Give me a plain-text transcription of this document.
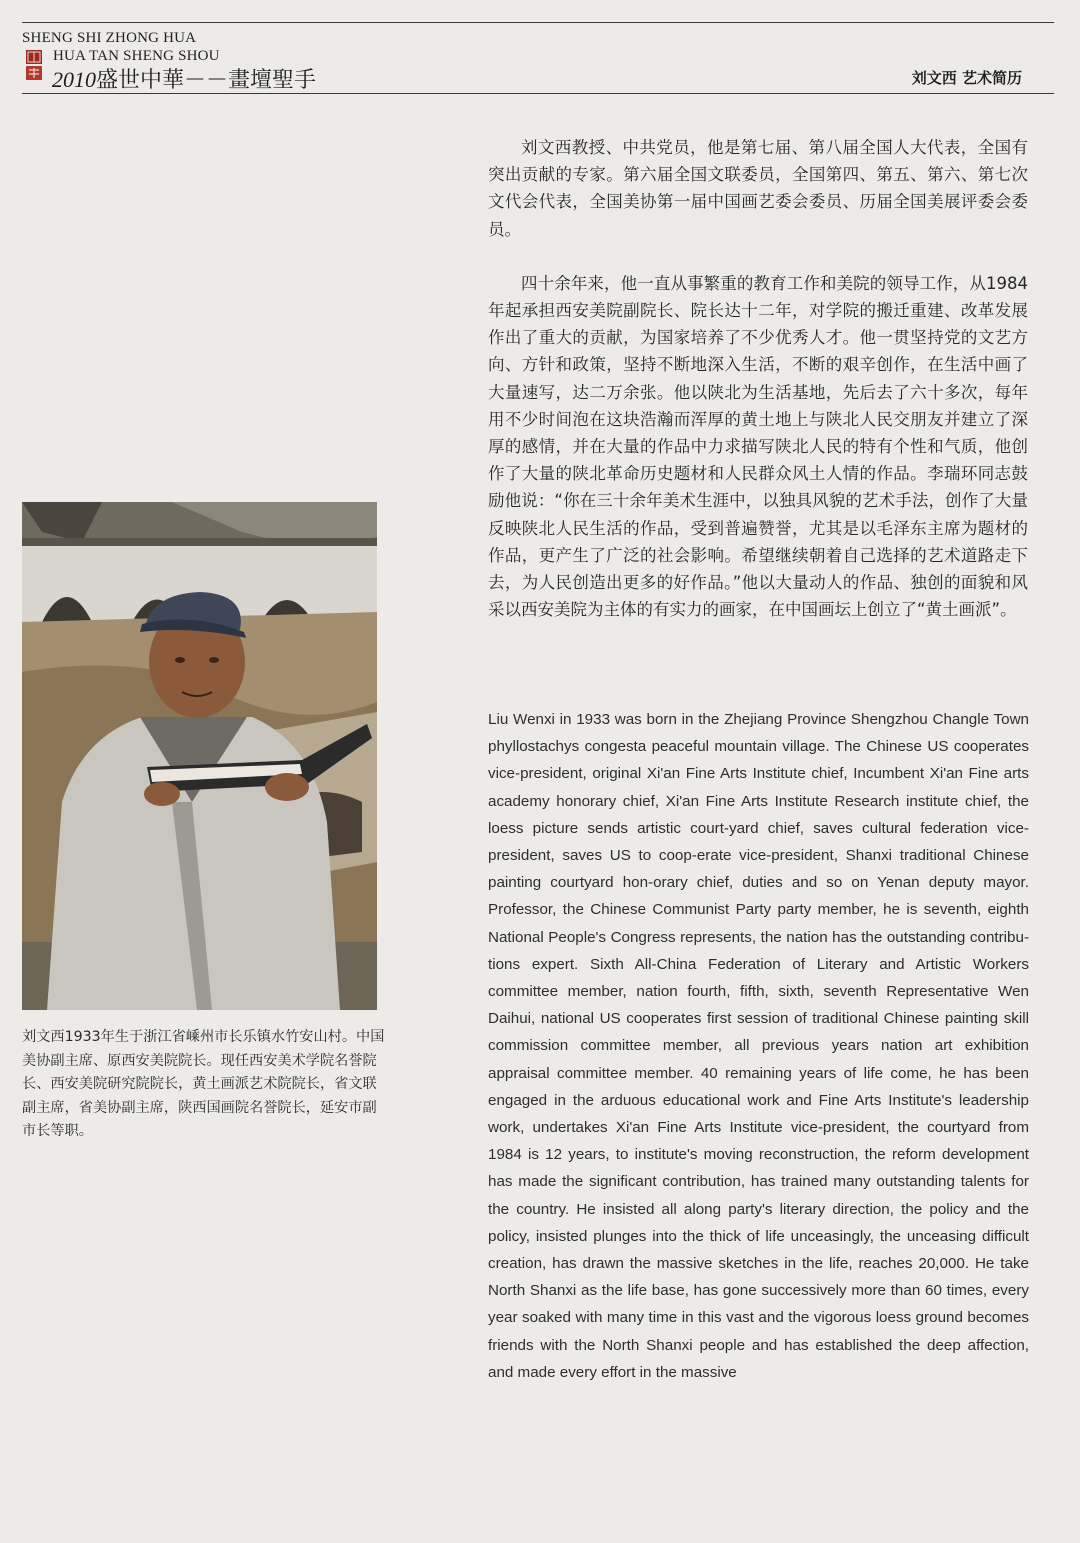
SHENG SHI ZHONG HUA
HUA TAN SHENG SHOU
2010盛世中華－－畫壇聖手	刘文西 艺术简历

刘文西教授、中共党员，他是第七届、第八届全国人大代表，全国有突出贡献的专家。第六届全国文联委员，全国第四、第五、第六、第七次文代会代表，全国美协第一届中国画艺委会委员、历届全国美展评委会委员。

四十余年来，他一直从事繁重的教育工作和美院的领导工作，从1984年起承担西安美院副院长、院长达十二年，对学院的搬迁重建、改革发展作出了重大的贡献，为国家培养了不少优秀人才。他一贯坚持党的文艺方向、方针和政策，坚持不断地深入生活，不断的艰辛创作，在生活中画了大量速写，达二万余张。他以陕北为生活基地，先后去了六十多次，每年用不少时间泡在这块浩瀚而浑厚的黄土地上与陕北人民交朋友并建立了深厚的感情，并在大量的作品中力求描写陕北人民的特有个性和气质，他创作了大量的陕北革命历史题材和人民群众风土人情的作品。李瑞环同志鼓励他说：“你在三十余年美术生涯中，以独具风貌的艺术手法，创作了大量反映陕北人民生活的作品，受到普遍赞誉，尤其是以毛泽东主席为题材的作品，更产生了广泛的社会影响。希望继续朝着自己选择的艺术道路走下去，为人民创造出更多的好作品。”他以大量动人的作品、独创的面貌和风采以西安美院为主体的有实力的画家，在中国画坛上创立了“黄土画派”。

刘文西1933年生于浙江省嵊州市长乐镇水竹安山村。中国美协副主席、原西安美院院长。现任西安美术学院名誉院长、西安美院研究院院长，黄土画派艺术院院长，省文联副主席，省美协副主席，陕西国画院名誉院长，延安市副市长等职。

Liu Wenxi in 1933 was born in the Zhejiang Province Shengzhou Changle Town phyllostachys congesta peaceful mountain village. The Chinese US cooperates vice-president, original Xi'an Fine Arts Institute chief, Incumbent Xi'an Fine arts academy honorary chief, Xi'an Fine Arts Institute Research institute chief, the loess picture sends artistic court-yard chief, saves cultural federation vice-president, saves US to coop-erate vice-president, Shanxi traditional Chinese painting courtyard hon-orary chief, duties and so on Yenan deputy mayor. Professor, the Chinese Communist Party party member, he is seventh, eighth National People's Congress represents, the nation has the outstanding contribu-tions expert. Sixth All-China Federation of Literary and Artistic Workers committee member, nation fourth, fifth, sixth, seventh Representative Wen Daihui, national US cooperates first session of traditional Chinese painting skill commission committee member, all previous years nation art exhibition appraisal committee member. 40 remaining years of life come, he has been engaged in the arduous educational work and Fine Arts Institute's leadership work, undertakes Xi'an Fine Arts Institute vice-president, the courtyard from 1984 is 12 years, to institute's moving reconstruction, the reform development has made the significant contribution, has trained many outstanding talents for the country. He insisted all along party's literary direction, the policy and the policy, insisted plunges into the thick of life unceasingly, the unceasing difficult creation, has drawn the massive sketches in the life, reaches 20,000. He take North Shanxi as the life base, has gone successively more than 60 times, every year soaked with many time in this vast and the vigorous loess ground becomes friends with the North Shanxi people and has established the deep affection, and made every effort in the massive
